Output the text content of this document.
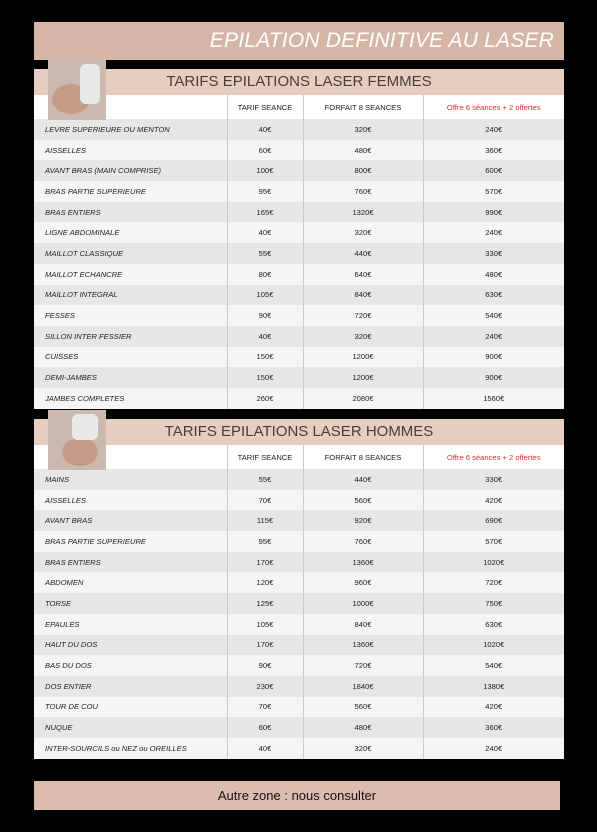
EPILATION DEFINITIVE AU LASER
TARIFS EPILATIONS LASER FEMMES
	TARIF SEANCE	FORFAIT 8 SEANCES	Offre 6 séances + 2 offertes
LEVRE SUPERIEURE OU MENTON	40€	320€	240€
AISSELLES	60€	480€	360€
AVANT BRAS (MAIN COMPRISE)	100€	800€	600€
BRAS PARTIE SUPERIEURE	95€	760€	570€
BRAS ENTIERS	165€	1320€	990€
LIGNE ABDOMINALE	40€	320€	240€
MAILLOT CLASSIQUE	55€	440€	330€
MAILLOT ECHANCRE	80€	640€	480€
MAILLOT INTEGRAL	105€	840€	630€
FESSES	90€	720€	540€
SILLON INTER FESSIER	40€	320€	240€
CUISSES	150€	1200€	900€
DEMI-JAMBES	150€	1200€	900€
JAMBES COMPLETES	260€	2080€	1560€
TARIFS EPILATIONS LASER HOMMES
	TARIF SEANCE	FORFAIT 8 SEANCES	Offre 6 séances + 2 offertes
MAINS	55€	440€	330€
AISSELLES	70€	560€	420€
AVANT BRAS	115€	920€	690€
BRAS PARTIE SUPERIEURE	95€	760€	570€
BRAS ENTIERS	170€	1360€	1020€
ABDOMEN	120€	960€	720€
TORSE	125€	1000€	750€
EPAULES	105€	840€	630€
HAUT DU DOS	170€	1360€	1020€
BAS DU DOS	90€	720€	540€
DOS ENTIER	230€	1840€	1380€
TOUR DE COU	70€	560€	420€
NUQUE	60€	480€	360€
INTER-SOURCILS ou NEZ ou OREILLES	40€	320€	240€
Autre zone : nous consulter
